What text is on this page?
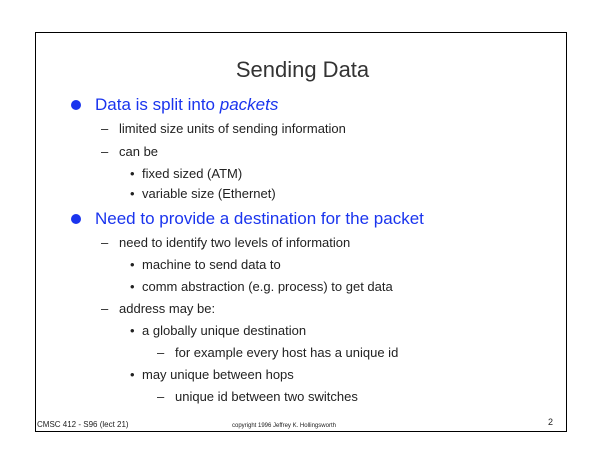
Sending Data
Data is split into packets
– limited size units of sending information
– can be
• fixed sized (ATM)
• variable size (Ethernet)
Need to provide a destination for the packet
– need to identify two levels of information
• machine to send data to
• comm abstraction (e.g. process) to get data
– address may be:
• a globally unique destination
– for example every host has a unique id
• may unique between hops
– unique id between two switches
CMSC 412 - S96 (lect 21)	copyright 1996 Jeffrey K. Hollingsworth	2
